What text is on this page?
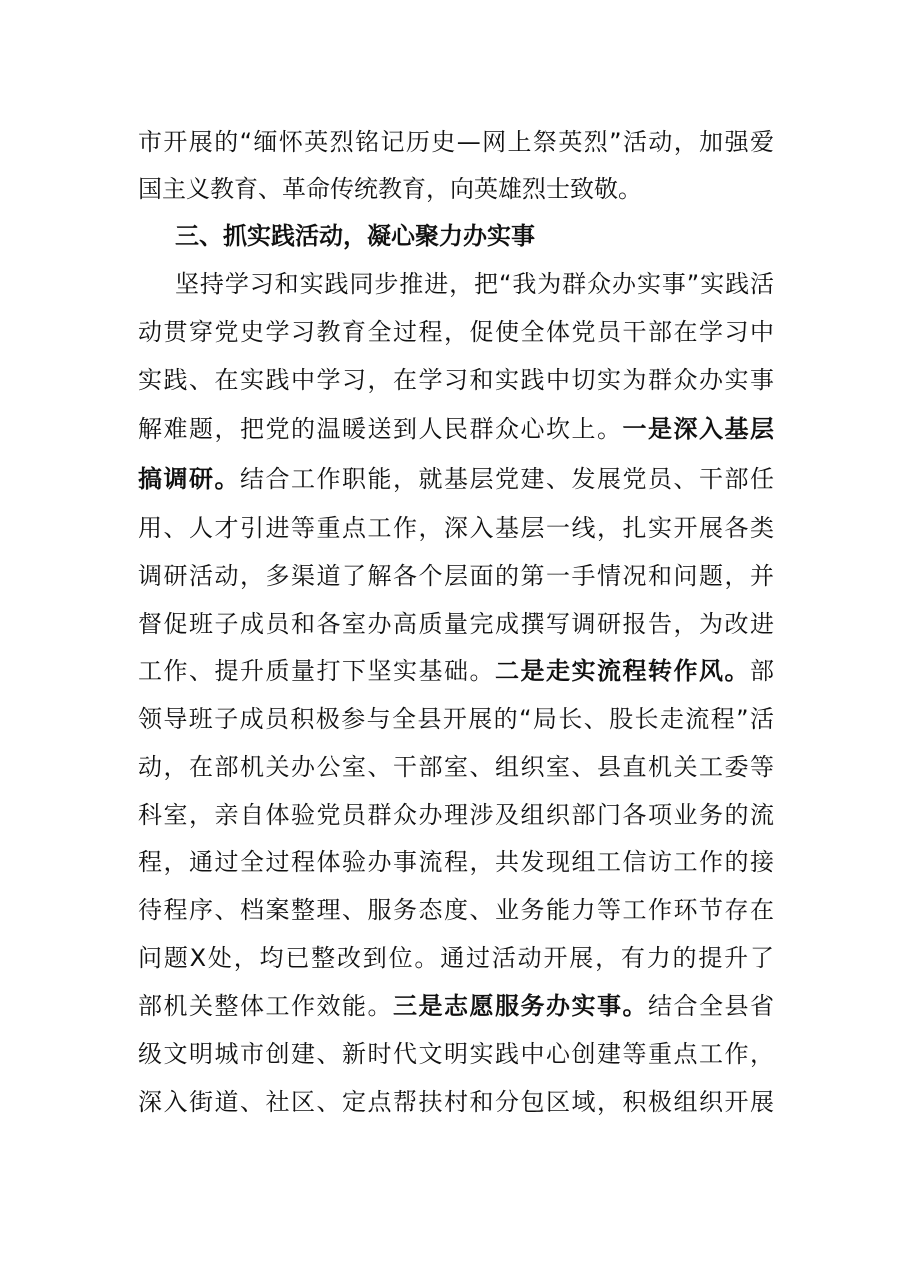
市开展的“缅怀英烈铭记历史—网上祭英烈”活动，加强爱
国主义教育、革命传统教育，向英雄烈士致敬。
三、抓实践活动，凝心聚力办实事
坚持学习和实践同步推进，把“我为群众办实事”实践活
动贯穿党史学习教育全过程，促使全体党员干部在学习中
实践、在实践中学习，在学习和实践中切实为群众办实事
解难题，把党的温暖送到人民群众心坎上。一是深入基层
搞调研。结合工作职能，就基层党建、发展党员、干部任
用、人才引进等重点工作，深入基层一线，扎实开展各类
调研活动，多渠道了解各个层面的第一手情况和问题，并
督促班子成员和各室办高质量完成撰写调研报告，为改进
工作、提升质量打下坚实基础。二是走实流程转作风。部
领导班子成员积极参与全县开展的“局长、股长走流程”活
动，在部机关办公室、干部室、组织室、县直机关工委等
科室，亲自体验党员群众办理涉及组织部门各项业务的流
程，通过全过程体验办事流程，共发现组工信访工作的接
待程序、档案整理、服务态度、业务能力等工作环节存在
问题X处，均已整改到位。通过活动开展，有力的提升了
部机关整体工作效能。三是志愿服务办实事。结合全县省
级文明城市创建、新时代文明实践中心创建等重点工作，
深入街道、社区、定点帮扶村和分包区域，积极组织开展
